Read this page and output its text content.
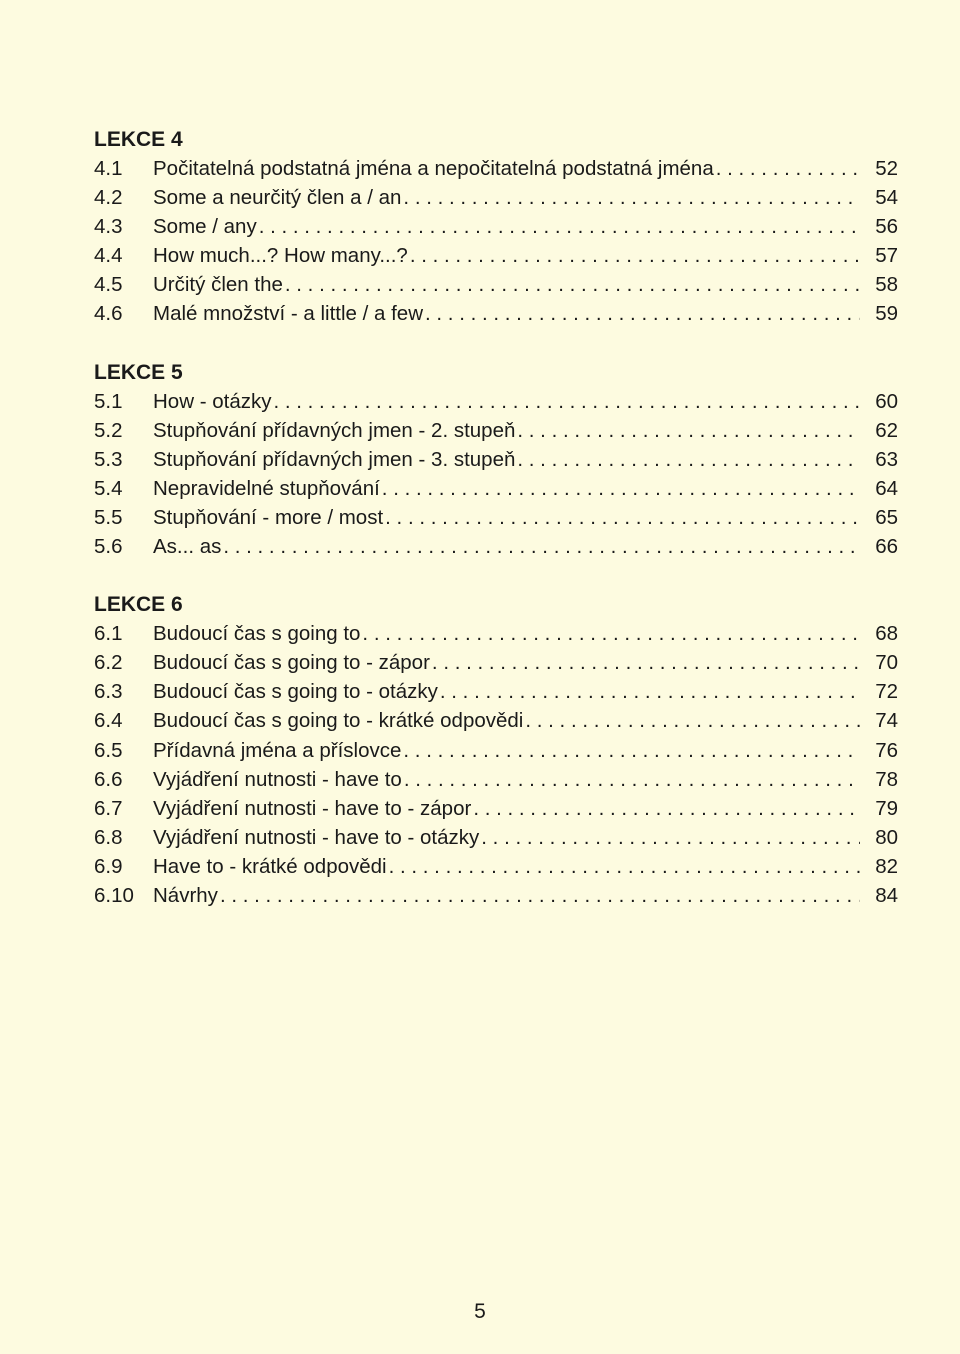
LEKCE 4
4.1	Počitatelná podstatná jména a nepočitatelná podstatná jména . . .	52
4.2	Some a neurčitý člen a / an . . .	54
4.3	Some / any . . .	56
4.4	How much...? How many...? . . .	57
4.5	Určitý člen the . . .	58
4.6	Malé množství - a little / a few . . .	59
LEKCE 5
5.1	How - otázky . . .	60
5.2	Stupňování přídavných jmen - 2. stupeň . . .	62
5.3	Stupňování přídavných jmen - 3. stupeň . . .	63
5.4	Nepravidelné stupňování . . .	64
5.5	Stupňování - more / most . . .	65
5.6	As... as . . .	66
LEKCE 6
6.1	Budoucí čas s going to . . .	68
6.2	Budoucí čas s going to - zápor . . .	70
6.3	Budoucí čas s going to - otázky . . .	72
6.4	Budoucí čas s going to - krátké odpovědi . . .	74
6.5	Přídavná jména a příslovce . . .	76
6.6	Vyjádření nutnosti - have to . . .	78
6.7	Vyjádření nutnosti - have to - zápor . . .	79
6.8	Vyjádření nutnosti - have to - otázky . . .	80
6.9	Have to - krátké odpovědi . . .	82
6.10 Návrhy . . .	84
5
